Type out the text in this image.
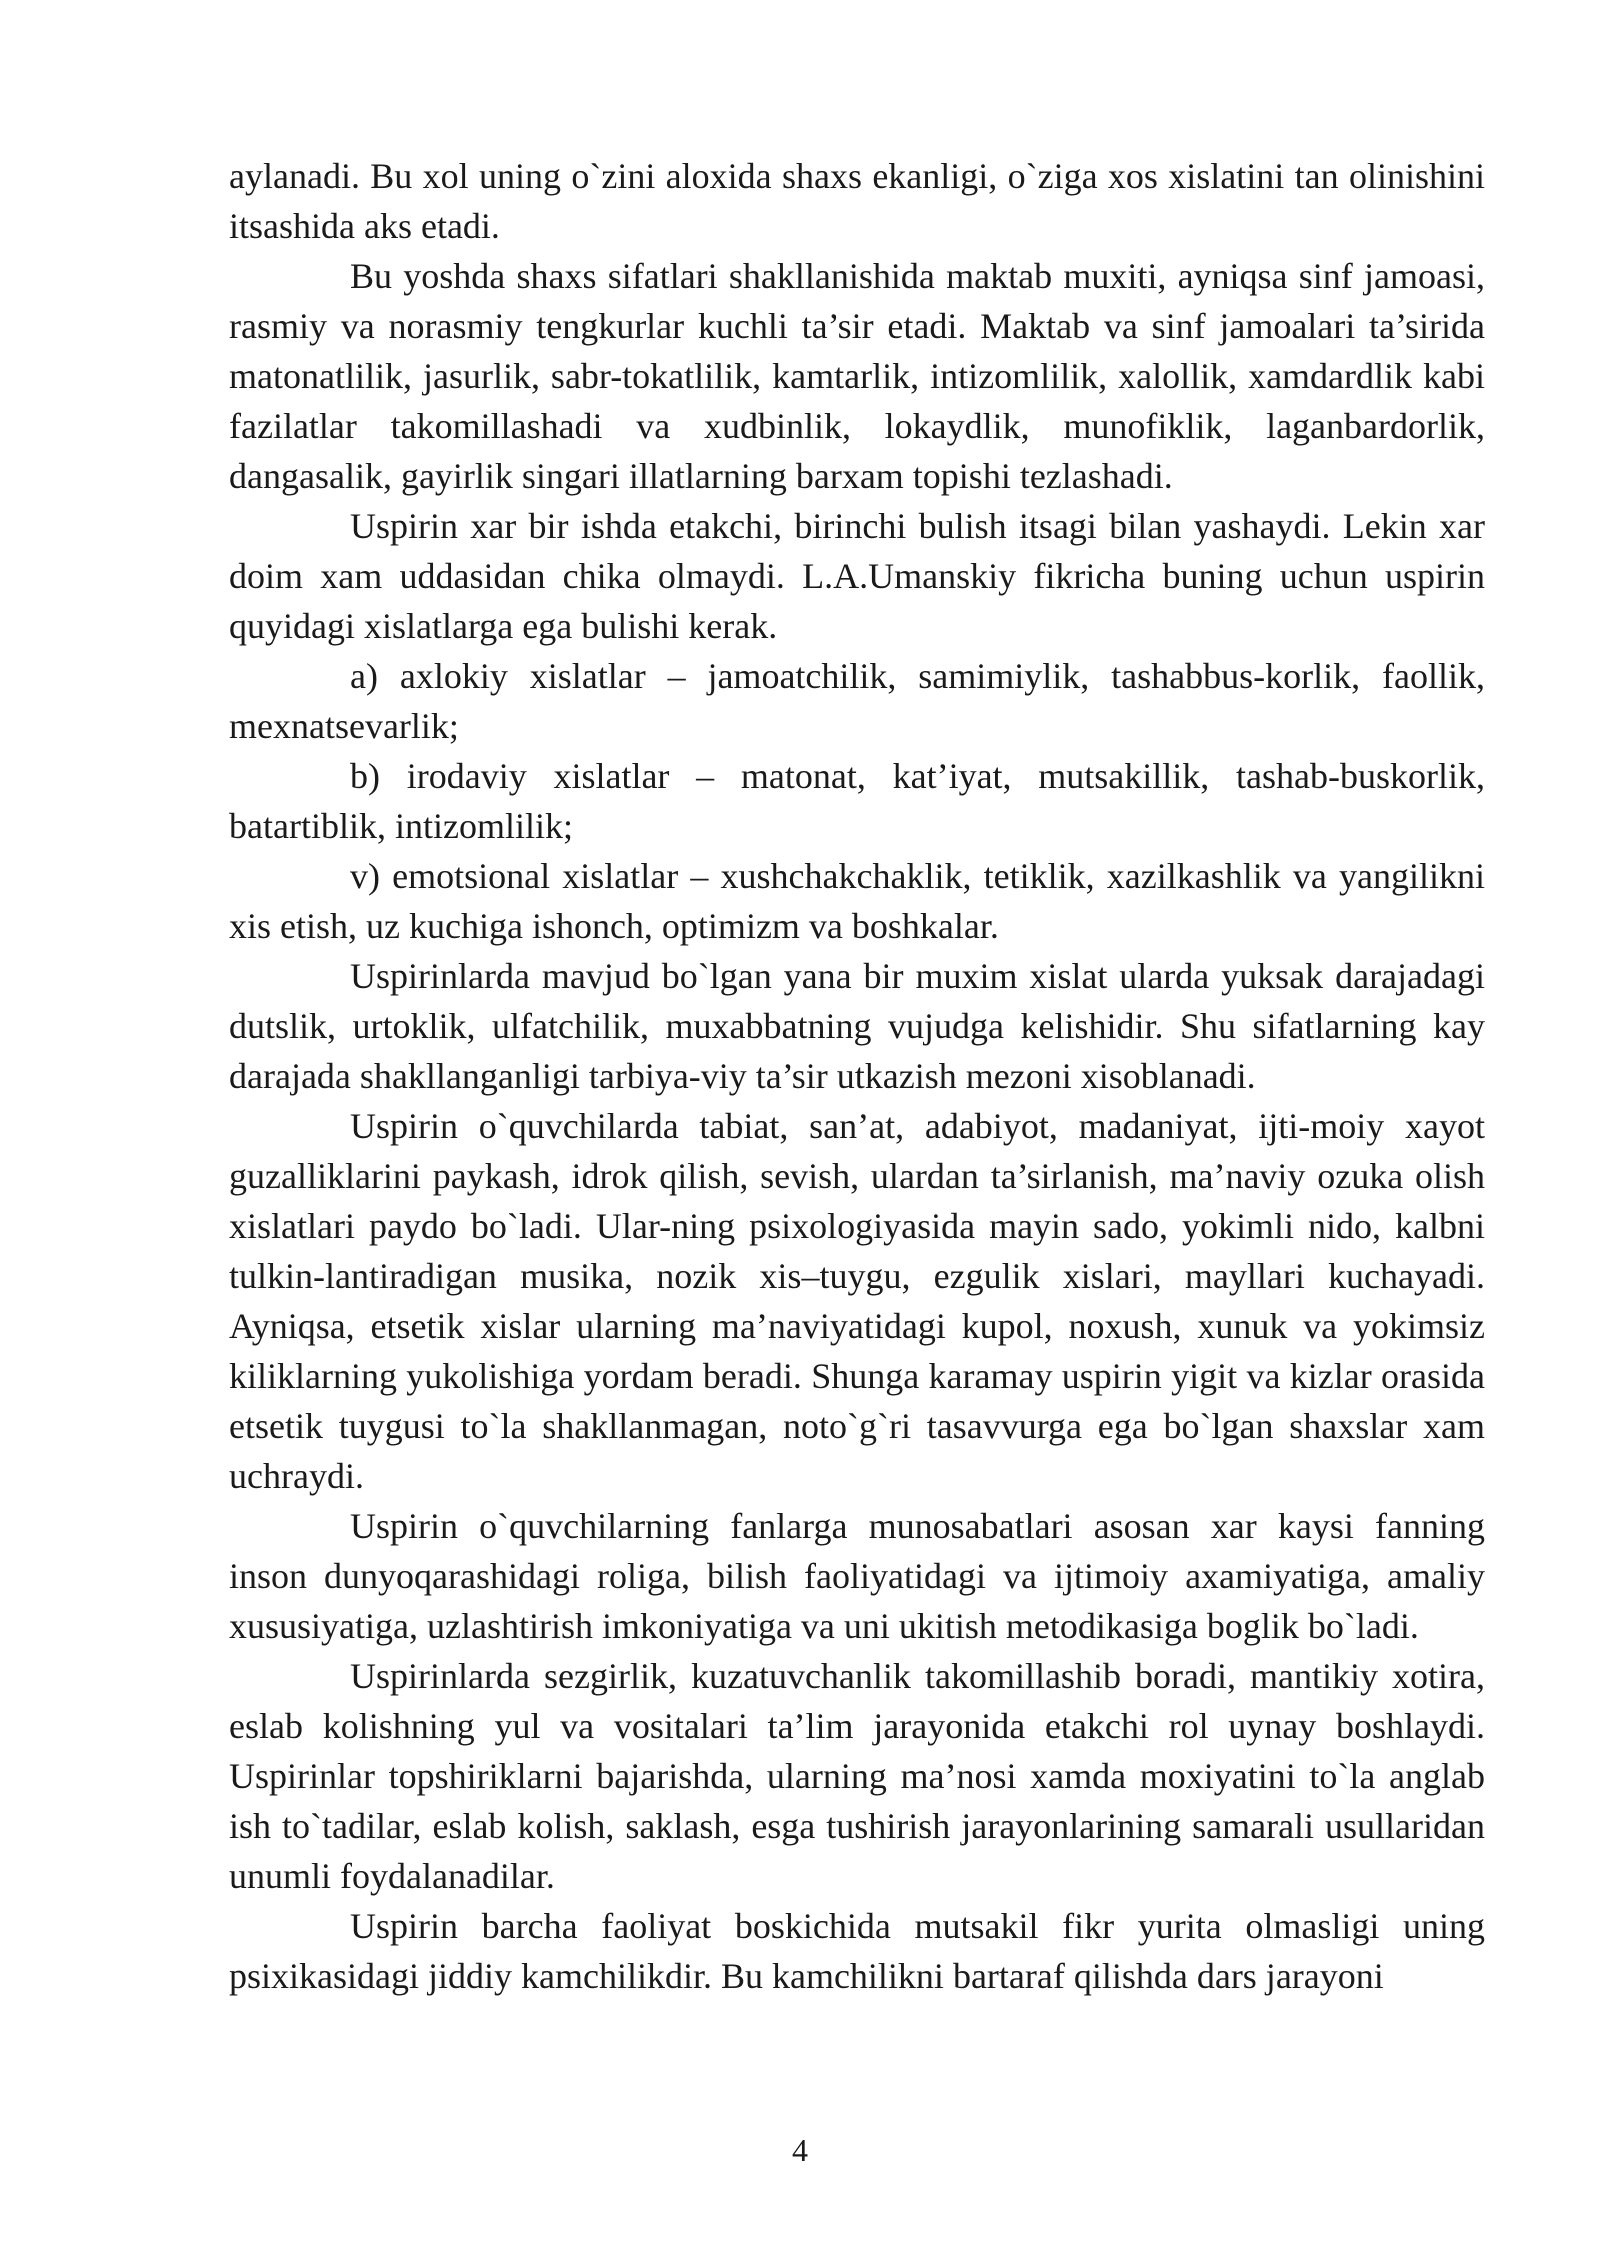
aylanadi. Bu xol uning o`zini aloxida shaxs ekanligi, o`ziga xos xislatini tan olinishini itsashida aks etadi.

Bu yoshda shaxs sifatlari shakllanishida maktab muxiti, ayniqsa sinf jamoasi, rasmiy va norasmiy tengkurlar kuchli ta’sir etadi. Maktab va sinf jamoalari ta’sirida matonatlilik, jasurlik, sabr-tokatlilik, kamtarlik, intizomlilik, xalollik, xamdardlik kabi fazilatlar takomillashadi va xudbinlik, lokaydlik, munofiklik, laganbardorlik, dangasalik, gayirlik singari illatlarning barxam topishi tezlashadi.

Uspirin xar bir ishda etakchi, birinchi bulish itsagi bilan yashaydi. Lekin xar doim xam uddasidan chika olmaydi. L.A.Umanskiy fikricha buning uchun uspirin quyidagi xislatlarga ega bulishi kerak.

a) axlokiy xislatlar – jamoatchilik, samimiylik, tashabbus-korlik, faollik, mexnatsevarlik;

b) irodaviy xislatlar – matonat, kat’iyat, mutsakillik, tashab-buskorlik, batartiblik, intizomlilik;

v) emotsional xislatlar – xushchakchaklik, tetiklik, xazilkashlik va yangilikni xis etish, uz kuchiga ishonch, optimizm va boshkalar.

Uspirinlarda mavjud bo`lgan yana bir muxim xislat ularda yuksak darajadagi dutslik, urtoklik, ulfatchilik, muxabbatning vujudga kelishidir. Shu sifatlarning kay darajada shakllanganligi tarbiya-viy ta’sir utkazish mezoni xisoblanadi.

Uspirin o`quvchilarda tabiat, san’at, adabiyot, madaniyat, ijti-moiy xayot guzalliklarini paykash, idrok qilish, sevish, ulardan ta’sirlanish, ma’naviy ozuka olish xislatlari paydo bo`ladi. Ular-ning psixologiyasida mayin sado, yokimli nido, kalbni tulkin-lantiradigan musika, nozik xis–tuygu, ezgulik xislari, mayllari kuchayadi. Ayniqsa, etsetik xislar ularning ma’naviyatidagi kupol, noxush, xunuk va yokimsiz kiliklarning yukolishiga yordam beradi. Shunga karamay uspirin yigit va kizlar orasida etsetik tuygusi to`la shakllanmagan, noto`g`ri tasavvurga ega bo`lgan shaxslar xam uchraydi.

Uspirin o`quvchilarning fanlarga munosabatlari asosan xar kaysi fanning inson dunyoqarashidagi roliga, bilish faoliyatidagi va ijtimoiy axamiyatiga, amaliy xususiyatiga, uzlashtirish imkoniyatiga va uni ukitish metodikasiga boglik bo`ladi.

Uspirinlarda sezgirlik, kuzatuvchanlik takomillashib boradi, mantikiy xotira, eslab kolishning yul va vositalari ta’lim jarayonida etakchi rol uynay boshlaydi. Uspirinlar topshiriklarni bajarishda, ularning ma’nosi xamda moxiyatini to`la anglab ish to`tadilar, eslab kolish, saklash, esga tushirish jarayonlarining samarali usullaridan unumli foydalanadilar.

Uspirin barcha faoliyat boskichida mutsakil fikr yurita olmasligi uning psixikasidagi jiddiy kamchilikdir. Bu kamchilikni bartaraf qilishda dars jarayoni

4
